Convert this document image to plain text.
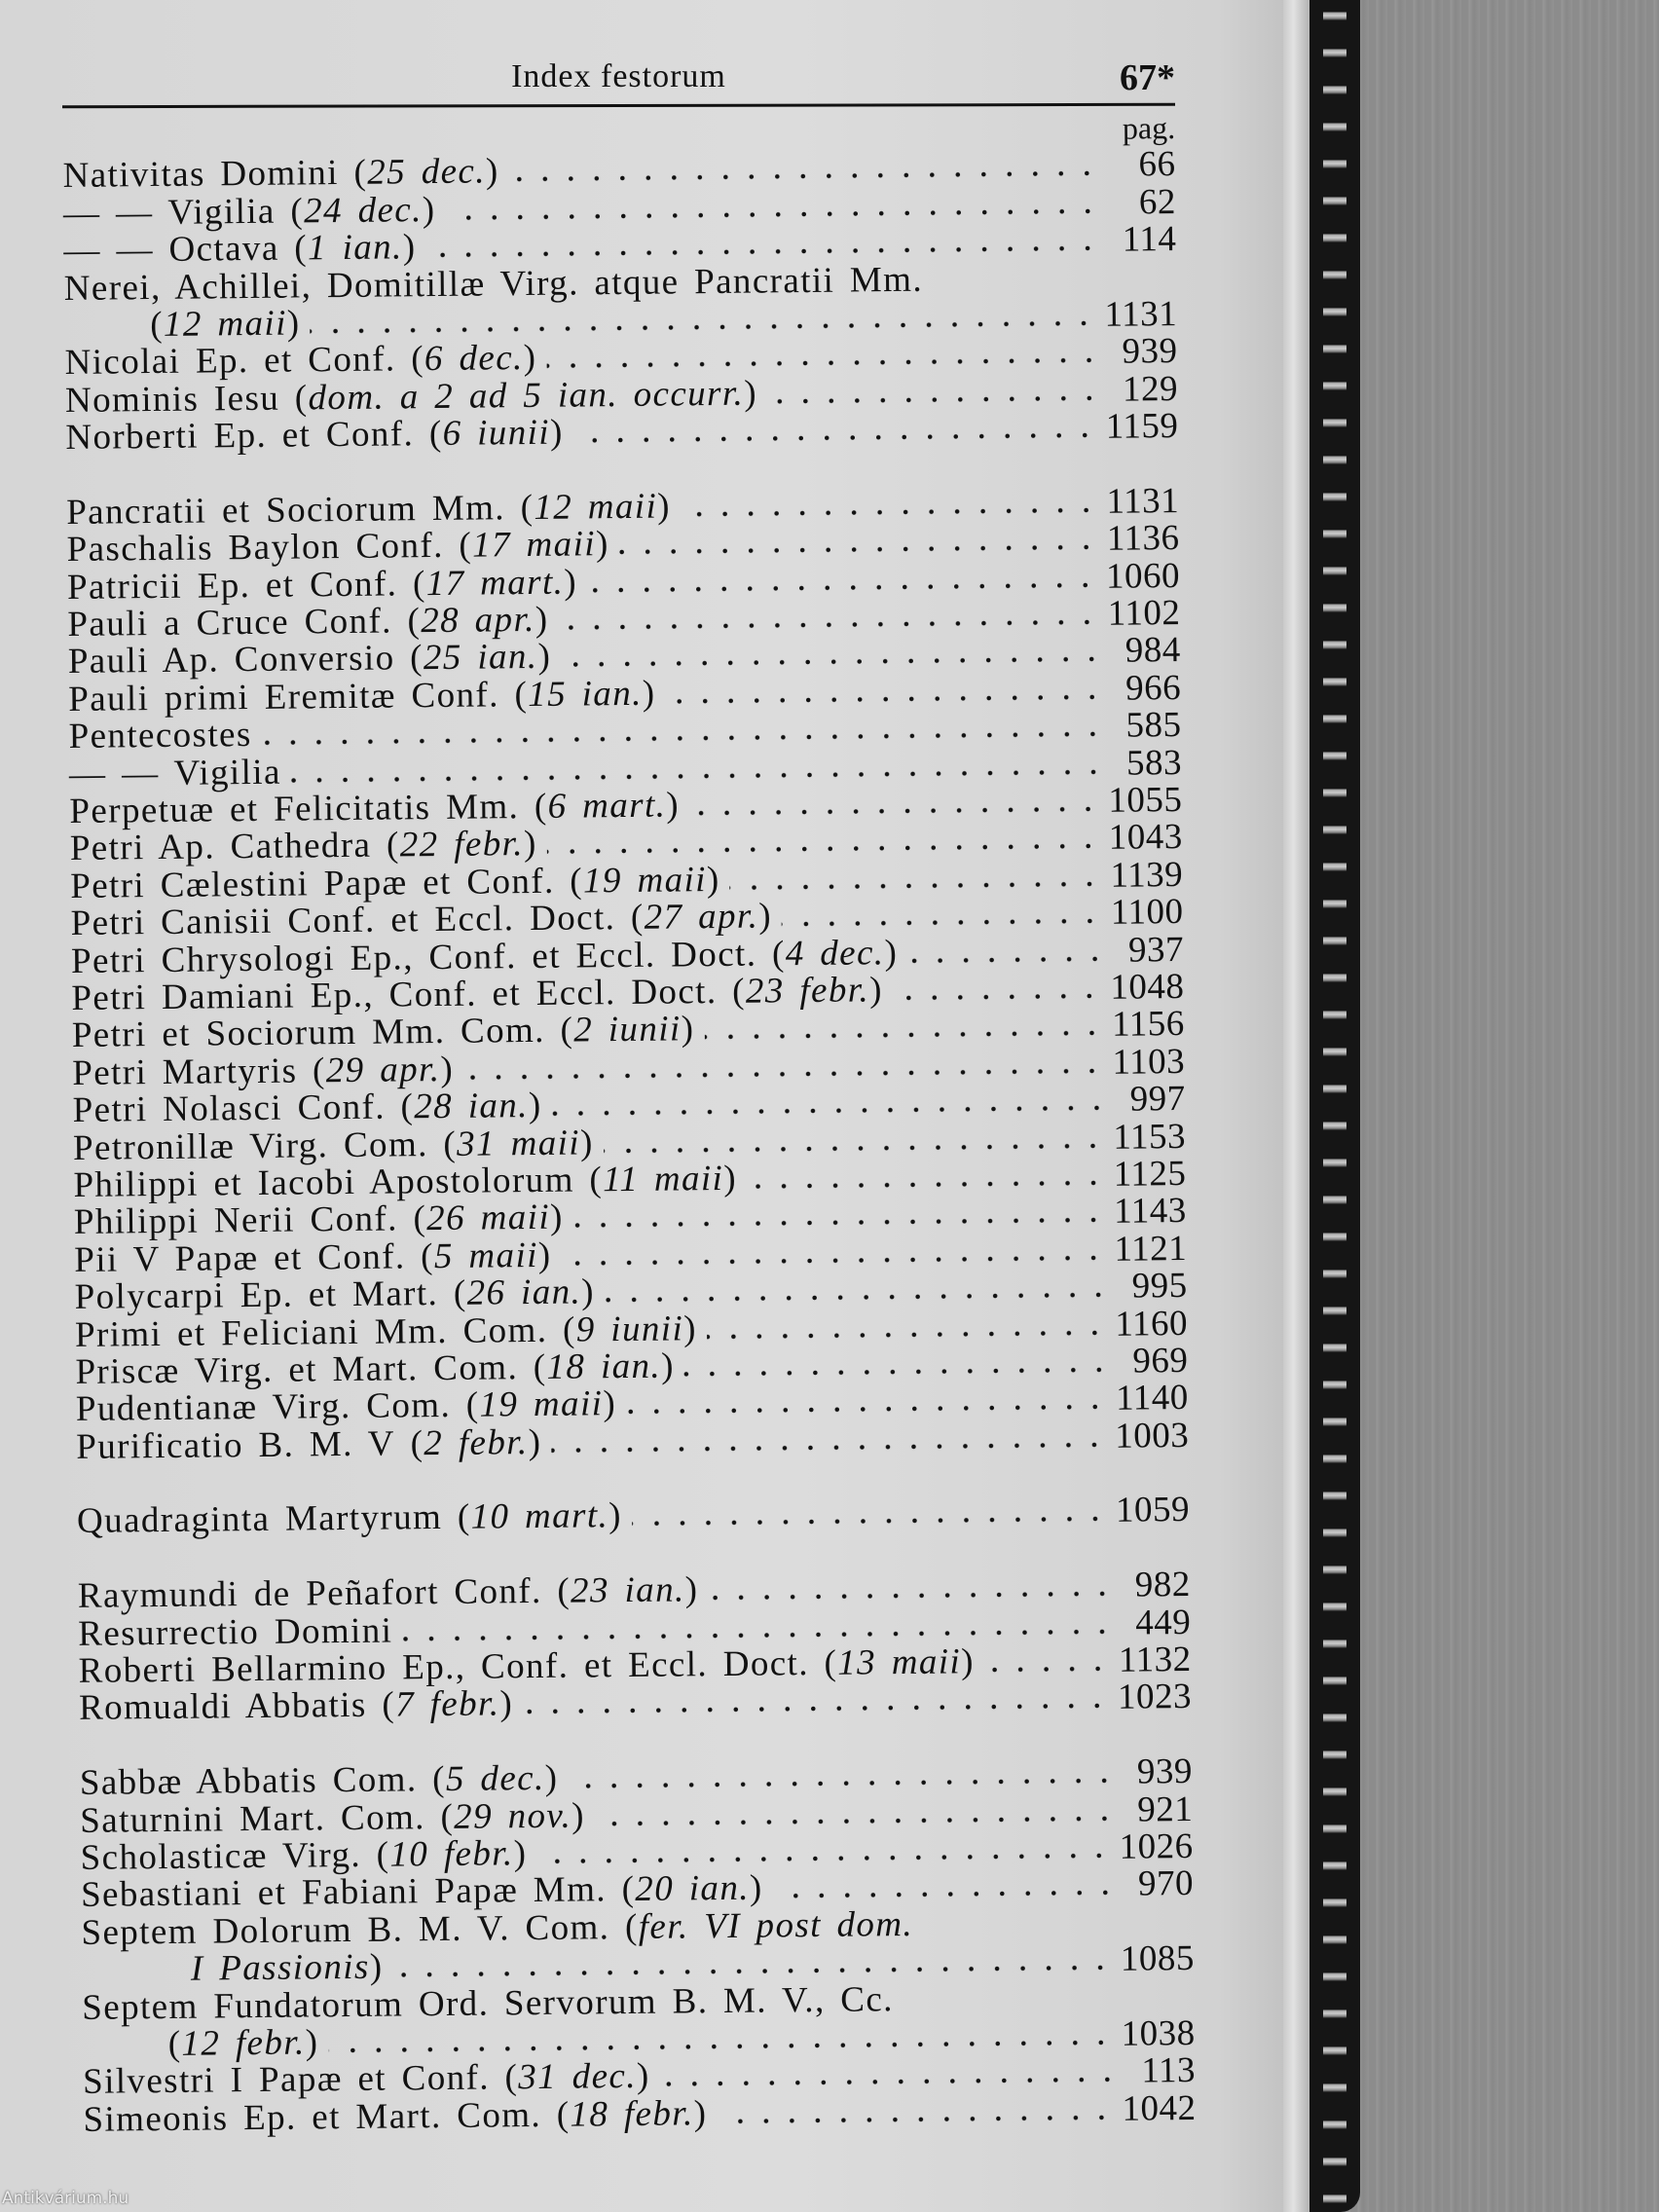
Index festorum	67*
pag.
Nativitas Domini ( 25 dec. )	66
— — Vigilia ( 24 dec. )	62
— — Octava ( 1 ian. )	114
Nerei, Achillei, Domitillæ Virg. atque Pancratii Mm.
( 12 maii )	1131
Nicolai Ep. et Conf. ( 6 dec. )	939
Nominis Iesu ( dom. a 2 ad 5 ian. occurr. )	129
Norberti Ep. et Conf. ( 6 iunii )	1159
Pancratii et Sociorum Mm. ( 12 maii )	1131
Paschalis Baylon Conf. ( 17 maii )	1136
Patricii Ep. et Conf. ( 17 mart. )	1060
Pauli a Cruce Conf. ( 28 apr. )	1102
Pauli Ap. Conversio ( 25 ian. )	984
Pauli primi Eremitæ Conf. ( 15 ian. )	966
Pentecostes	585
— — Vigilia	583
Perpetuæ et Felicitatis Mm. ( 6 mart. )	1055
Petri Ap. Cathedra ( 22 febr. )	1043
Petri Cælestini Papæ et Conf. ( 19 maii )	1139
Petri Canisii Conf. et Eccl. Doct. ( 27 apr. )	1100
Petri Chrysologi Ep., Conf. et Eccl. Doct. ( 4 dec. )	937
Petri Damiani Ep., Conf. et Eccl. Doct. ( 23 febr. )	1048
Petri et Sociorum Mm. Com. ( 2 iunii )	1156
Petri Martyris ( 29 apr. )	1103
Petri Nolasci Conf. ( 28 ian. )	997
Petronillæ Virg. Com. ( 31 maii )	1153
Philippi et Iacobi Apostolorum ( 11 maii )	1125
Philippi Nerii Conf. ( 26 maii )	1143
Pii V Papæ et Conf. ( 5 maii )	1121
Polycarpi Ep. et Mart. ( 26 ian. )	995
Primi et Feliciani Mm. Com. ( 9 iunii )	1160
Priscæ Virg. et Mart. Com. ( 18 ian. )	969
Pudentianæ Virg. Com. ( 19 maii )	1140
Purificatio B. M. V ( 2 febr. )	1003
Quadraginta Martyrum ( 10 mart. )	1059
Raymundi de Peñafort Conf. ( 23 ian. )	982
Resurrectio Domini	449
Roberti Bellarmino Ep., Conf. et Eccl. Doct. ( 13 maii )	1132
Romualdi Abbatis ( 7 febr. )	1023
Sabbæ Abbatis Com. ( 5 dec. )	939
Saturnini Mart. Com. ( 29 nov. )	921
Scholasticæ Virg. ( 10 febr. )	1026
Sebastiani et Fabiani Papæ Mm. ( 20 ian. )	970
Septem Dolorum B. M. V. Com. ( fer. VI post dom.
I Passionis )	1085
Septem Fundatorum Ord. Servorum B. M. V., Cc.
( 12 febr. )	1038
Silvestri I Papæ et Conf. ( 31 dec. )	113
Simeonis Ep. et Mart. Com. ( 18 febr. )	1042
Antikvárium.hu
